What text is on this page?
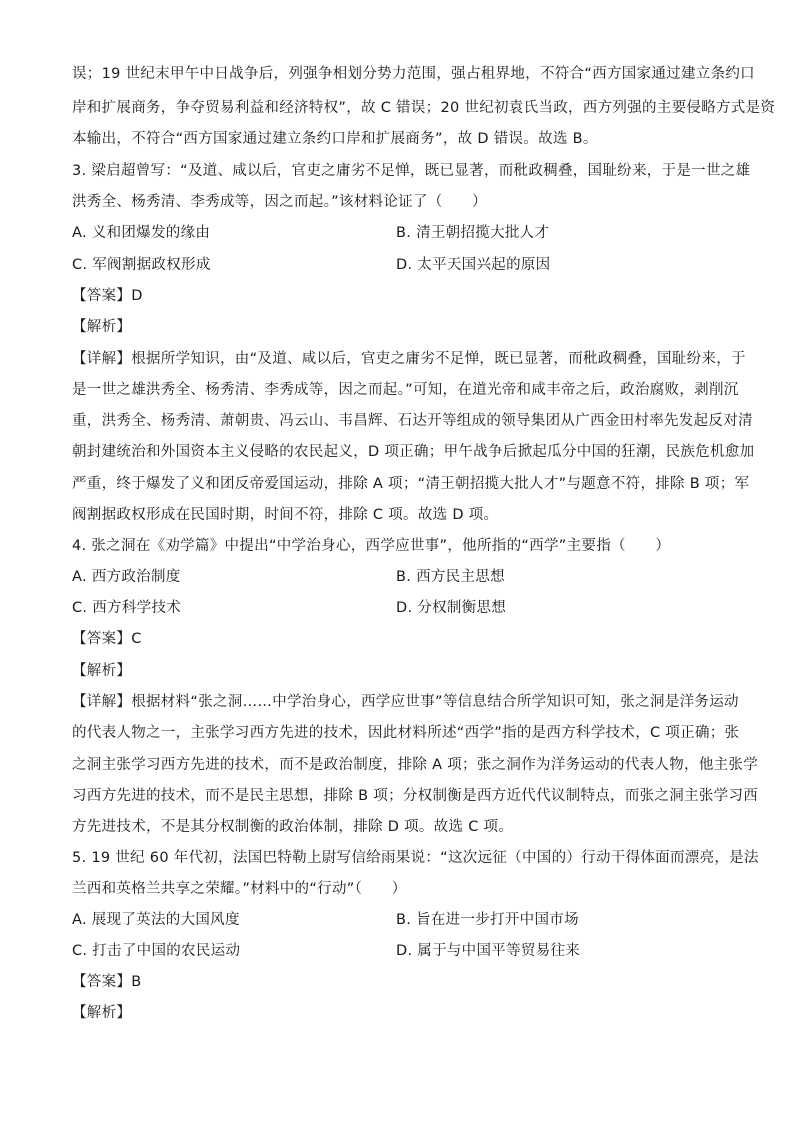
误；19 世纪末甲午中日战争后，列强争相划分势力范围，强占租界地，不符合“西方国家通过建立条约口
岸和扩展商务，争夺贸易利益和经济特权”，故 C 错误；20 世纪初袁氏当政，西方列强的主要侵略方式是资
本输出，不符合“西方国家通过建立条约口岸和扩展商务”，故 D 错误。故选 B。
3. 梁启超曾写：“及道、咸以后，官吏之庸劣不足惮，既已显著，而秕政稠叠，国耻纷来，于是一世之雄
洪秀全、杨秀清、李秀成等，因之而起。”该材料论证了（　　）
A. 义和团爆发的缘由	B. 清王朝招揽大批人才
C. 军阀割据政权形成	D. 太平天国兴起的原因
【答案】D
【解析】
【详解】根据所学知识，由“及道、咸以后，官吏之庸劣不足惮，既已显著，而秕政稠叠，国耻纷来，于
是一世之雄洪秀全、杨秀清、李秀成等，因之而起。”可知，在道光帝和咸丰帝之后，政治腐败，剥削沉
重，洪秀全、杨秀清、萧朝贵、冯云山、韦昌辉、石达开等组成的领导集团从广西金田村率先发起反对清
朝封建统治和外国资本主义侵略的农民起义，D 项正确；甲午战争后掀起瓜分中国的狂潮，民族危机愈加
严重，终于爆发了义和团反帝爱国运动，排除 A 项；“清王朝招揽大批人才”与题意不符，排除 B 项；军
阀割据政权形成在民国时期，时间不符，排除 C 项。故选 D 项。
4. 张之洞在《劝学篇》中提出“中学治身心，西学应世事”，他所指的“西学”主要指（　　）
A. 西方政治制度	B. 西方民主思想
C. 西方科学技术	D. 分权制衡思想
【答案】C
【解析】
【详解】根据材料“张之洞……中学治身心，西学应世事”等信息结合所学知识可知，张之洞是洋务运动
的代表人物之一，主张学习西方先进的技术，因此材料所述“西学”指的是西方科学技术，C 项正确；张
之洞主张学习西方先进的技术，而不是政治制度，排除 A 项；张之洞作为洋务运动的代表人物，他主张学
习西方先进的技术，而不是民主思想，排除 B 项；分权制衡是西方近代代议制特点，而张之洞主张学习西
方先进技术，不是其分权制衡的政治体制，排除 D 项。故选 C 项。
5. 19 世纪 60 年代初，法国巴特勒上尉写信给雨果说：“这次远征（中国的）行动干得体面而漂亮，是法
兰西和英格兰共享之荣耀。”材料中的“行动”（　　）
A. 展现了英法的大国风度	B. 旨在进一步打开中国市场
C. 打击了中国的农民运动	D. 属于与中国平等贸易往来
【答案】B
【解析】
